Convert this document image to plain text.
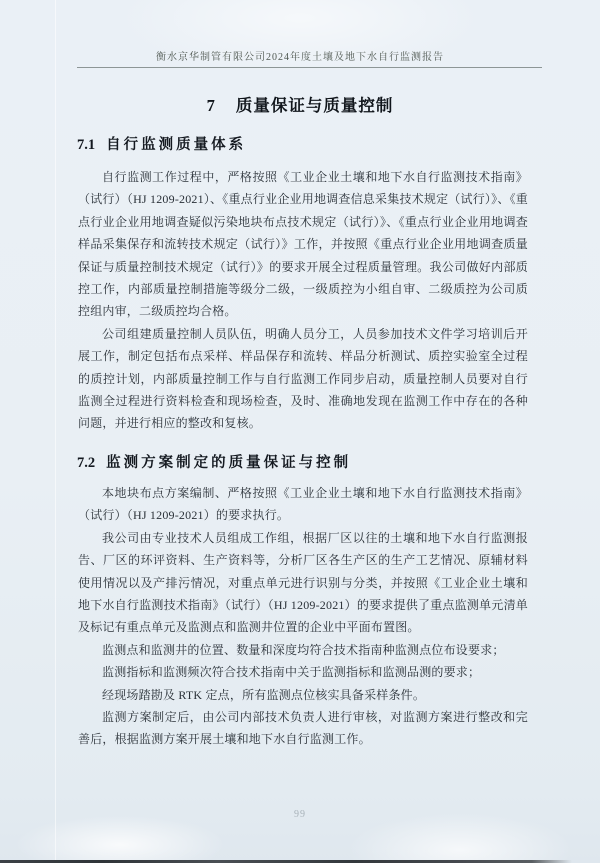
衡水京华制管有限公司2024年度土壤及地下水自行监测报告
7 质量保证与质量控制
7.1 自行监测质量体系

自行监测工作过程中，严格按照《工业企业土壤和地下水自行监测技术指南》（试行）（HJ 1209-2021）、《重点行业企业用地调查信息采集技术规定（试行）》、《重点行业企业用地调查疑似污染地块布点技术规定（试行）》、《重点行业企业用地调查样品采集保存和流转技术规定（试行）》工作，并按照《重点行业企业用地调查质量保证与质量控制技术规定（试行）》的要求开展全过程质量管理。我公司做好内部质控工作，内部质量控制措施等级分二级，一级质控为小组自审、二级质控为公司质控组内审，二级质控均合格。

公司组建质量控制人员队伍，明确人员分工，人员参加技术文件学习培训后开展工作，制定包括布点采样、样品保存和流转、样品分析测试、质控实验室全过程的质控计划，内部质量控制工作与自行监测工作同步启动，质量控制人员要对自行监测全过程进行资料检查和现场检查，及时、准确地发现在监测工作中存在的各种问题，并进行相应的整改和复核。

7.2 监测方案制定的质量保证与控制

本地块布点方案编制、严格按照《工业企业土壤和地下水自行监测技术指南》（试行）（HJ 1209-2021）的要求执行。

我公司由专业技术人员组成工作组，根据厂区以往的土壤和地下水自行监测报告、厂区的环评资料、生产资料等，分析厂区各生产区的生产工艺情况、原辅材料使用情况以及产排污情况，对重点单元进行识别与分类，并按照《工业企业土壤和地下水自行监测技术指南》（试行）（HJ 1209-2021）的要求提供了重点监测单元清单及标记有重点单元及监测点和监测井位置的企业中平面布置图。

监测点和监测井的位置、数量和深度均符合技术指南种监测点位布设要求；

监测指标和监测频次符合技术指南中关于监测指标和监测品测的要求；

经现场踏勘及 RTK 定点，所有监测点位核实具备采样条件。

监测方案制定后，由公司内部技术负责人进行审核，对监测方案进行整改和完善后，根据监测方案开展土壤和地下水自行监测工作。

99
